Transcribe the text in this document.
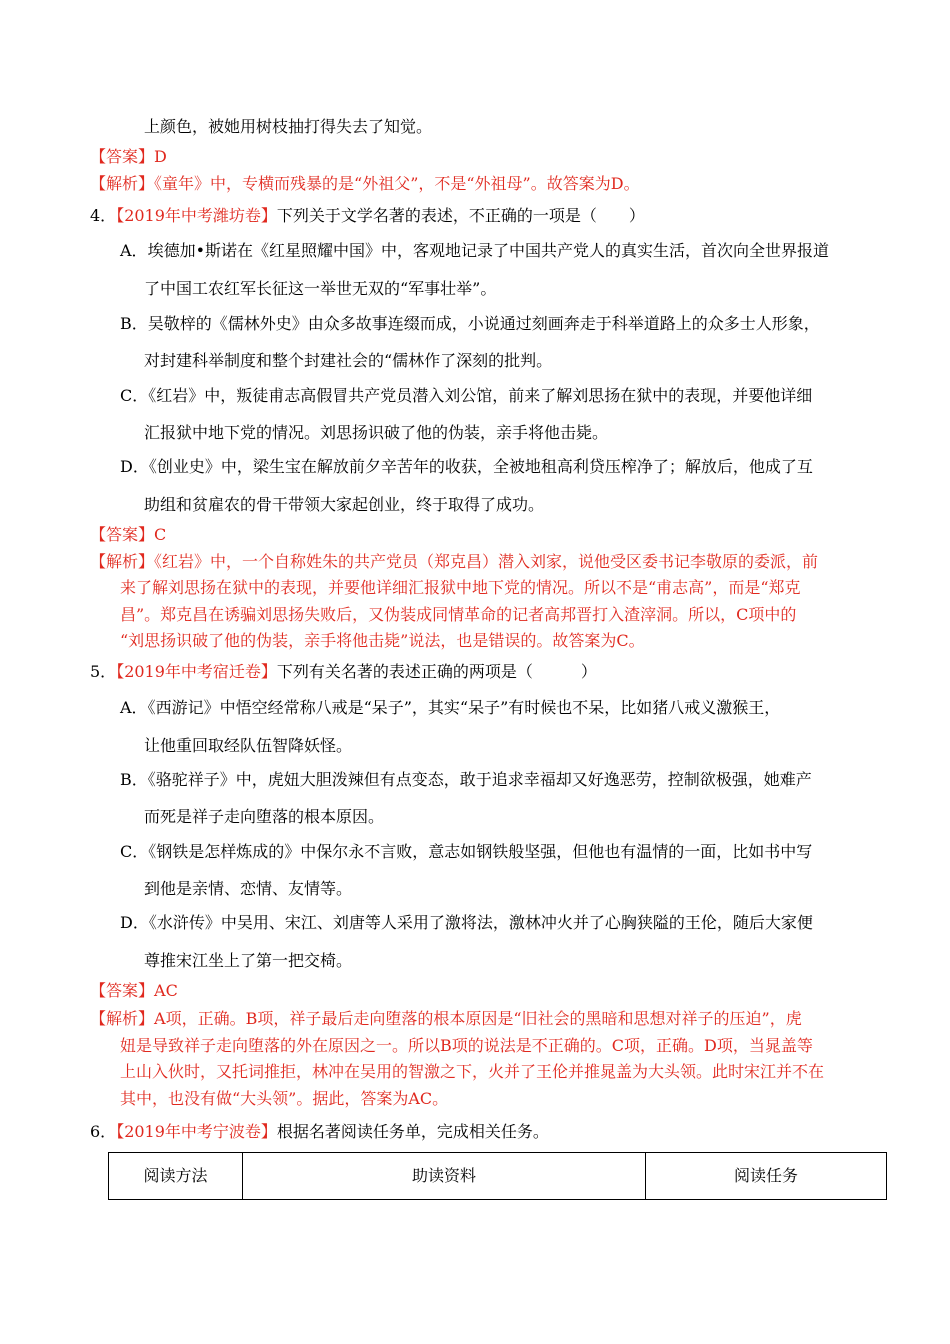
上颜色，被她用树枝抽打得失去了知觉。
【答案】D
【解析】《童年》中，专横而残暴的是“外祖父”，不是“外祖母”。故答案为D。
4．【2019年中考潍坊卷】下列关于文学名著的表述，不正确的一项是（　　）
A．埃德加•斯诺在《红星照耀中国》中，客观地记录了中国共产党人的真实生活，首次向全世界报道
了中国工农红军长征这一举世无双的“军事壮举”。
B．吴敬梓的《儒林外史》由众多故事连缀而成，小说通过刻画奔走于科举道路上的众多士人形象，
对封建科举制度和整个封建社会的“儒林作了深刻的批判。
C．《红岩》中，叛徒甫志高假冒共产党员潜入刘公馆，前来了解刘思扬在狱中的表现，并要他详细
汇报狱中地下党的情况。刘思扬识破了他的伪装，亲手将他击毙。
D．《创业史》中，梁生宝在解放前夕辛苦年的收获，全被地租高利贷压榨净了；解放后，他成了互
助组和贫雇农的骨干带领大家起创业，终于取得了成功。
【答案】C
【解析】《红岩》中，一个自称姓朱的共产党员（郑克昌）潜入刘家，说他受区委书记李敬原的委派，前
来了解刘思扬在狱中的表现，并要他详细汇报狱中地下党的情况。所以不是“甫志高”，而是“郑克
昌”。郑克昌在诱骗刘思扬失败后，又伪装成同情革命的记者高邦晋打入渣滓洞。所以，C项中的
“刘思扬识破了他的伪装，亲手将他击毙”说法，也是错误的。故答案为C。
5．【2019年中考宿迁卷】下列有关名著的表述正确的两项是（　　　）
A．《西游记》中悟空经常称八戒是“呆子”，其实“呆子”有时候也不呆，比如猪八戒义激猴王，
让他重回取经队伍智降妖怪。
B．《骆驼祥子》中，虎妞大胆泼辣但有点变态，敢于追求幸福却又好逸恶劳，控制欲极强，她难产
而死是祥子走向堕落的根本原因。
C．《钢铁是怎样炼成的》中保尔永不言败，意志如钢铁般坚强，但他也有温情的一面，比如书中写
到他是亲情、恋情、友情等。
D．《水浒传》中吴用、宋江、刘唐等人采用了激将法，激林冲火并了心胸狭隘的王伦，随后大家便
尊推宋江坐上了第一把交椅。
【答案】AC
【解析】A项，正确。B项，祥子最后走向堕落的根本原因是“旧社会的黑暗和思想对祥子的压迫”，虎
妞是导致祥子走向堕落的外在原因之一。所以B项的说法是不正确的。C项，正确。D项，当晁盖等
上山入伙时，又托词推拒，林冲在吴用的智激之下，火并了王伦并推晁盖为大头领。此时宋江并不在
其中，也没有做“大头领”。据此，答案为AC。
6．【2019年中考宁波卷】根据名著阅读任务单，完成相关任务。
阅读方法	助读资料	阅读任务
